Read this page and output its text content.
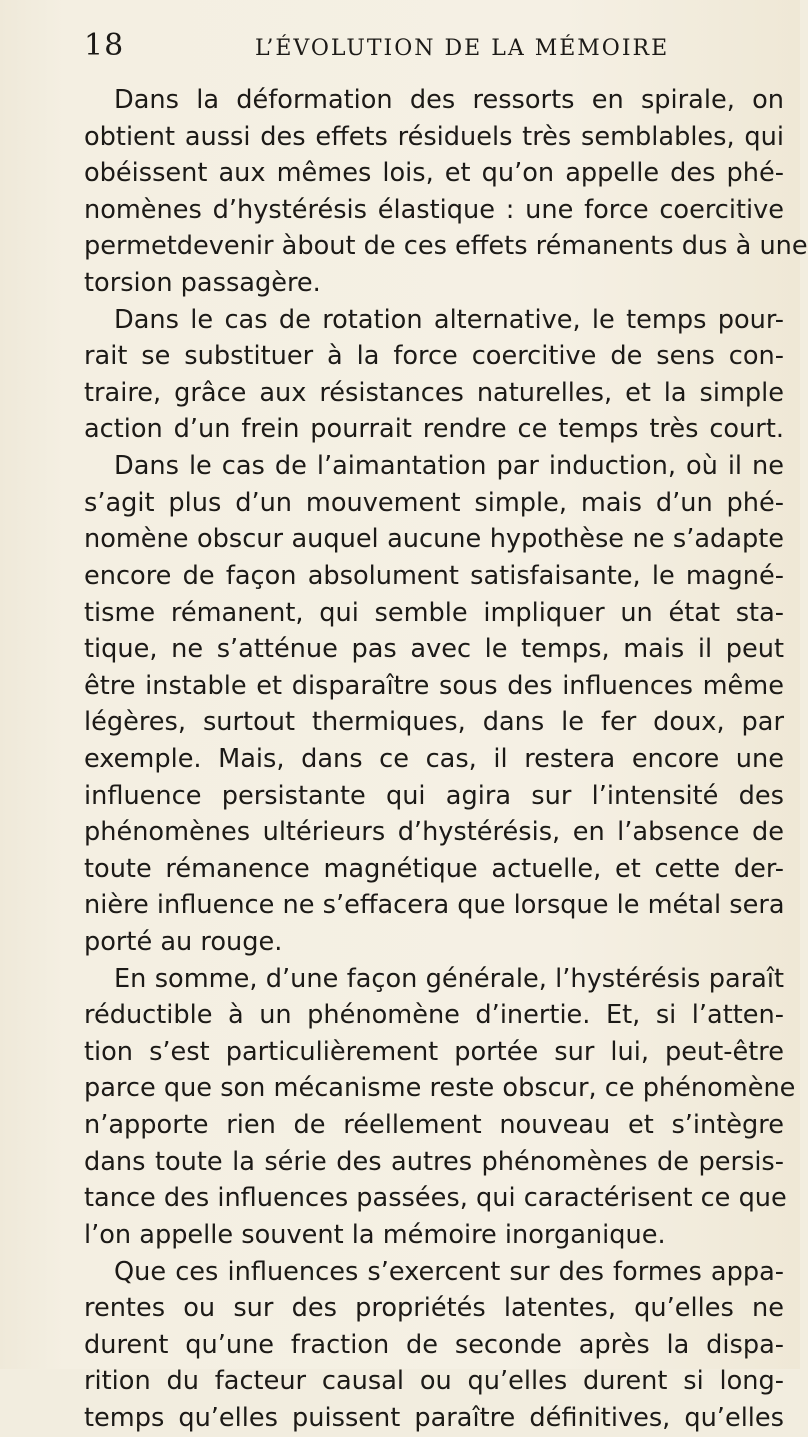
18	L’ÉVOLUTION DE LA MÉMOIRE
Dans la déformation des ressorts en spirale, on
obtient aussi des effets résiduels très semblables, qui
obéissent aux mêmes lois, et qu’on appelle des phé-
nomènes d’hystérésis élastique : une force coercitive
permetdevenir àbout de ces effets rémanents dus à une
torsion passagère.
Dans le cas de rotation alternative, le temps pour-
rait se substituer à la force coercitive de sens con-
traire, grâce aux résistances naturelles, et la simple
action d’un frein pourrait rendre ce temps très court.
Dans le cas de l’aimantation par induction, où il ne
s’agit plus d’un mouvement simple, mais d’un phé-
nomène obscur auquel aucune hypothèse ne s’adapte
encore de façon absolument satisfaisante, le magné-
tisme rémanent, qui semble impliquer un état sta-
tique, ne s’atténue pas avec le temps, mais il peut
être instable et disparaître sous des influences même
légères, surtout thermiques, dans le fer doux, par
exemple. Mais, dans ce cas, il restera encore une
influence persistante qui agira sur l’intensité des
phénomènes ultérieurs d’hystérésis, en l’absence de
toute rémanence magnétique actuelle, et cette der-
nière influence ne s’effacera que lorsque le métal sera
porté au rouge.
En somme, d’une façon générale, l’hystérésis paraît
réductible à un phénomène d’inertie. Et, si l’atten-
tion s’est particulièrement portée sur lui, peut-être
parce que son mécanisme reste obscur, ce phénomène
n’apporte rien de réellement nouveau et s’intègre
dans toute la série des autres phénomènes de persis-
tance des influences passées, qui caractérisent ce que
l’on appelle souvent la mémoire inorganique.
Que ces influences s’exercent sur des formes appa-
rentes ou sur des propriétés latentes, qu’elles ne
durent qu’une fraction de seconde après la dispa-
rition du facteur causal ou qu’elles durent si long-
temps qu’elles puissent paraître définitives, qu’elles
